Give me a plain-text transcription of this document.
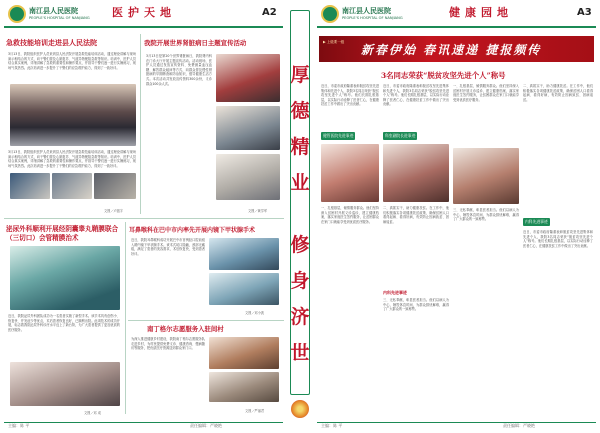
南江县人民医院
PEOPLE'S HOSPITAL OF NANJIANG 医护天地	A2
急救技能培训走进县人民法院
3月13日，我院组织医护人员来到县人民法院开展急救技能培训活动，通过理论讲解与现场演示相结合的方式，向干警们普及心肺复苏、气道异物梗阻急救等知识。培训中，医护人员结合真实案例，详细讲解了急救的重要性和操作要点，并指导干警们逐一进行实操练习，现场气氛热烈。此次培训进一步提升了干警们的应急救护能力，得到了一致好评。
3月13日，我院组织医护人员来到县人民法院开展急救技能培训活动，通过理论讲解与现场演示相结合的方式，向干警们普及心肺复苏、气道异物梗阻急救等知识。培训中，医护人员结合真实案例，详细讲解了急救的重要性和操作要点，并指导干警们逐一进行实操练习，现场气氛热烈。此次培训进一步提升了干警们的应急救护能力，得到了一致好评。
文图／卢振宇
我院开展世界肾脏病日主题宣传活动
3月13日是第20个世界肾脏病日，我院肾内科在门诊大厅开展主题宣传活动。活动现场，医护人员通过发放宣传资料、免费测量血压血糖、解答群众疑问等方式，向群众普及慢性肾脏病的早期筛查和防治知识，倡导健康生活方式。本次活动共发放宣传资料300余份，义诊群众100余人次。
文图／黄学军
泌尿外科顺利开展经阴囊睾丸鞘膜联合（三切口）会管精膜治术
近日，我院泌尿外科团队成功为一名患者实施了新型手术。该手术具有创伤小、恢复快、并发症少等优点，术后患者恢复良好，已顺利出院。此项技术的成功开展，标志着我院泌尿外科诊疗水平迈上了新台阶，为广大患者提供了更加优质的医疗服务。
文图／邓 成
耳鼻喉科在巴中市内率先开展内镜下甲状腺手术
近日，我院耳鼻喉科成功开展巴中市首例经口腔前庭入路内镜下甲状腺手术。该术式切口隐蔽，颈部无瘢痕，满足了患者的美容需求，术后恢复快，受到患者好评。
文图／邓小波
南丁格尔志愿服务入驻间村
为深入推进健康乡村建设，我院南丁格尔志愿服务队走进乡村，为村民提供免费义诊、健康咨询、慢病随访等服务，把优质医疗资源送到群众家门口。
文图／严丽君
主编：陈 平	责任编辑：严晓艳
厚
德
精
业
修
身
济
世
南江县人民医院
PEOPLE'S HOSPITAL OF NANJIANG	健康园地	A3
▶ 上级要一级
新春伊始 春讯速递 捷报频传
3名同志荣获“脱贫攻坚先进个人”称号
近日，市委市政府隆重表彰脱贫攻坚先进集体和先进个人，我院3名同志荣获“脱贫攻坚先进个人”称号。他们长期扎根基层，以实际行动诠释了医者仁心，在健康扶贫工作中做出了突出贡献。
健管医院先进事迹
一、扎根基层，倾情服务群众。他们坚持深入贫困村开展义诊巡诊，建立健康档案，落实家庭医生签约服务，让贫困群众在家门口就能享受到优质医疗服务。
近日，市委市政府隆重表彰脱贫攻坚先进集体和先进个人，我院3名同志荣获“脱贫攻坚先进个人”称号。他们长期扎根基层，以实际行动诠释了医者仁心，在健康扶贫工作中做出了突出贡献。
科室副院长进事迹
二、真抓实干，助力健康扶贫。在工作中，他们积极落实各项健康扶贫政策，确保贫困人口看得起病、看得好病，有效防止因病致贫、因病返贫。
内科先进事迹
三、无私奉献，彰显医者担当。他们以病人为中心，牺牲休息时间，为群众排忧解难，赢得了广大群众的一致称赞。
一、扎根基层，倾情服务群众。他们坚持深入贫困村开展义诊巡诊，建立健康档案，落实家庭医生签约服务，让贫困群众在家门口就能享受到优质医疗服务。
三、无私奉献，彰显医者担当。他们以病人为中心，牺牲休息时间，为群众排忧解难，赢得了广大群众的一致称赞。
二、真抓实干，助力健康扶贫。在工作中，他们积极落实各项健康扶贫政策，确保贫困人口看得起病、看得好病，有效防止因病致贫、因病返贫。
内科先进事迹
近日，市委市政府隆重表彰脱贫攻坚先进集体和先进个人，我院3名同志荣获“脱贫攻坚先进个人”称号。他们长期扎根基层，以实际行动诠释了医者仁心，在健康扶贫工作中做出了突出贡献。
主编：陈 平	责任编辑：严晓艳
